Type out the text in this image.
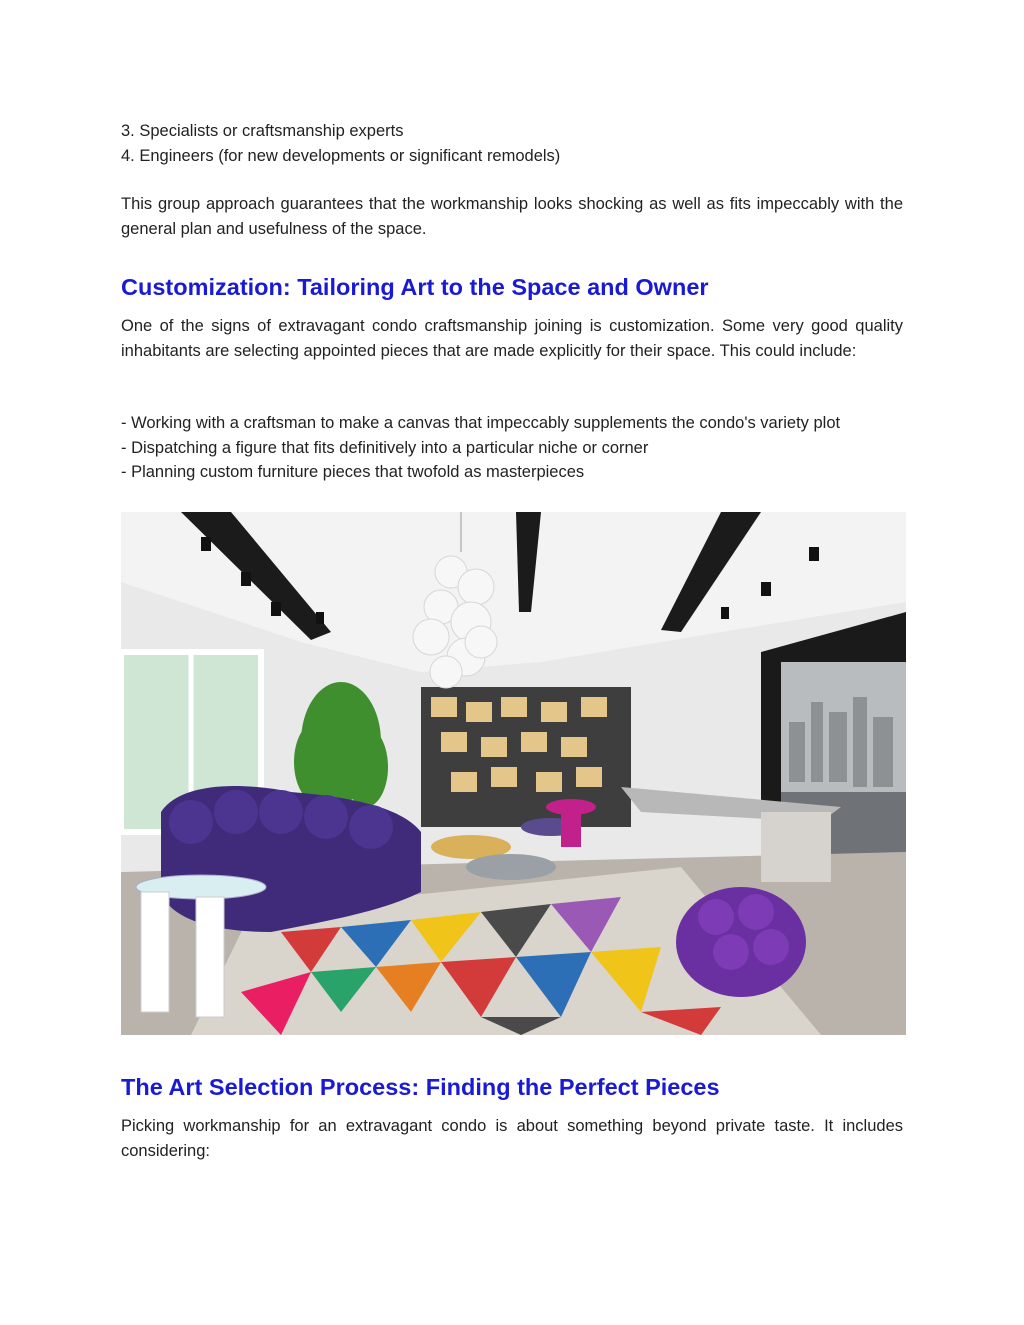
3. Specialists or craftsmanship experts

4. Engineers (for new developments or significant remodels)

This group approach guarantees that the workmanship looks shocking as well as fits impeccably with the general plan and usefulness of the space.

Customization: Tailoring Art to the Space and Owner

One of the signs of extravagant condo craftsmanship joining is customization. Some very good quality inhabitants are selecting appointed pieces that are made explicitly for their space. This could include:

- Working with a craftsman to make a canvas that impeccably supplements the condo's variety plot

- Dispatching a figure that fits definitively into a particular niche or corner

- Planning custom furniture pieces that twofold as masterpieces

The Art Selection Process: Finding the Perfect Pieces

Picking workmanship for an extravagant condo is about something beyond private taste. It includes considering:
